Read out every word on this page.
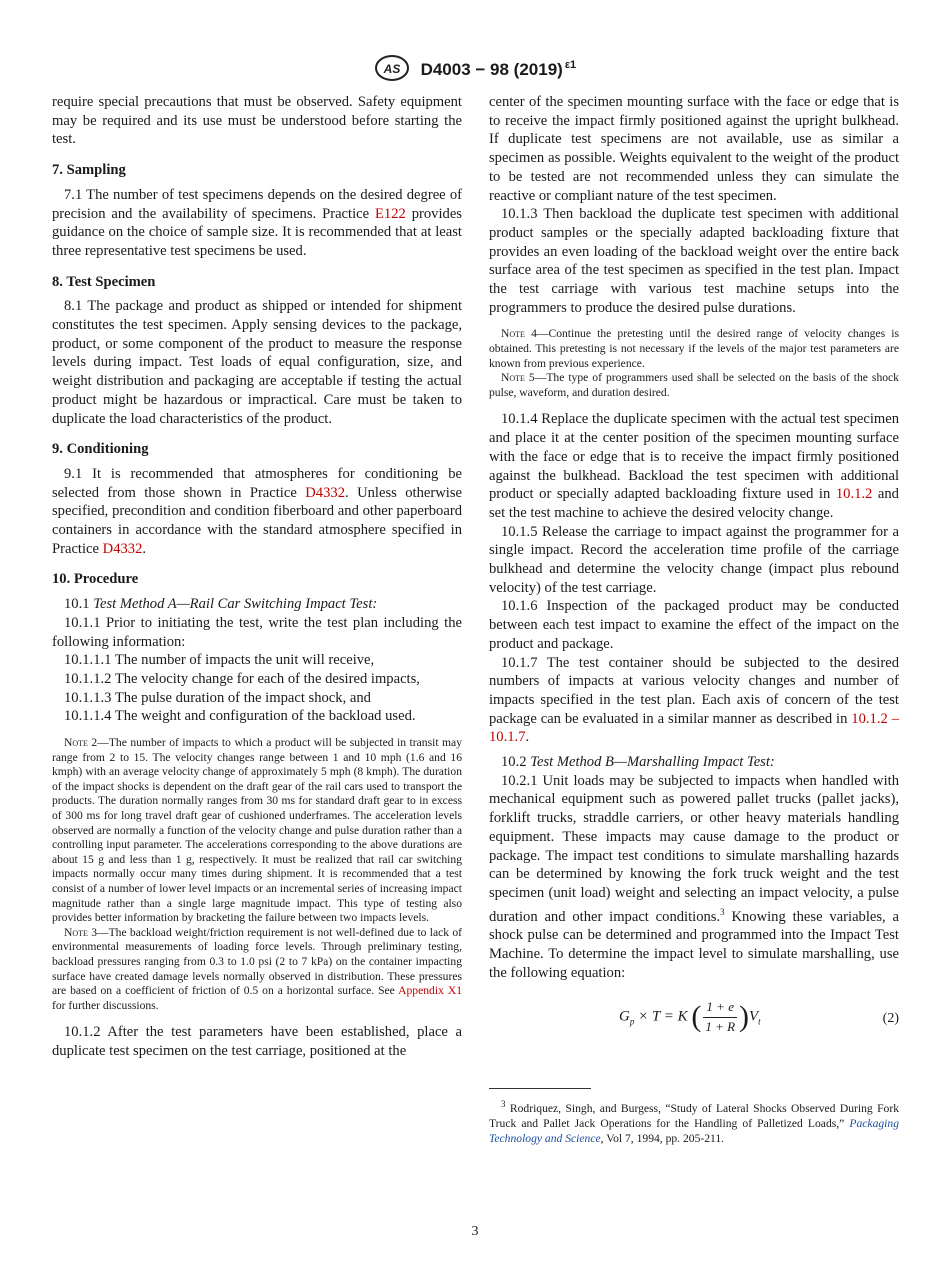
AS D4003 − 98 (2019) $^{\varepsilon 1}$

require special precautions that must be observed. Safety equipment may be required and its use must be understood before starting the test.

7. Sampling

7.1 The number of test specimens depends on the desired degree of precision and the availability of specimens. Practice E122 provides guidance on the choice of sample size. It is recommended that at least three representative test specimens be used.

8. Test Specimen

8.1 The package and product as shipped or intended for shipment constitutes the test specimen. Apply sensing devices to the package, product, or some component of the product to measure the response levels during impact. Test loads of equal configuration, size, and weight distribution and packaging are acceptable if testing the actual product might be hazardous or impractical. Care must be taken to duplicate the load characteristics of the product.

9. Conditioning

9.1 It is recommended that atmospheres for conditioning be selected from those shown in Practice D4332. Unless otherwise specified, precondition and condition fiberboard and other paperboard containers in accordance with the standard atmosphere specified in Practice D4332.

10. Procedure

10.1 Test Method A—Rail Car Switching Impact Test:

10.1.1 Prior to initiating the test, write the test plan including the following information:

10.1.1.1 The number of impacts the unit will receive,

10.1.1.2 The velocity change for each of the desired impacts,

10.1.1.3 The pulse duration of the impact shock, and

10.1.1.4 The weight and configuration of the backload used.

Note 2—The number of impacts to which a product will be subjected in transit may range from 2 to 15. The velocity changes range between 1 and 10 mph (1.6 and 16 kmph) with an average velocity change of approximately 5 mph (8 kmph). The duration of the impact shocks is dependent on the draft gear of the rail cars used to transport the products. The duration normally ranges from 30 ms for standard draft gear to in excess of 300 ms for long travel draft gear of cushioned underframes. The acceleration levels observed are normally a function of the velocity change and pulse duration rather than a controlling input parameter. The accelerations corresponding to the above durations are about 15 g and less than 1 g, respectively. It must be realized that rail car switching impacts normally occur many times during shipment. It is recommended that a test consist of a number of lower level impacts or an incremental series of increasing impact magnitude rather than a single large magnitude impact. This type of testing also provides better information by bracketing the failure between two impacts levels.

Note 3—The backload weight/friction requirement is not well-defined due to lack of environmental measurements of loading force levels. Through preliminary testing, backload pressures ranging from 0.3 to 1.0 psi (2 to 7 kPa) on the container impacting surface have created damage levels normally observed in distribution. These pressures are based on a coefficient of friction of 0.5 on a horizontal surface. See Appendix X1 for further discussions.

10.1.2 After the test parameters have been established, place a duplicate test specimen on the test carriage, positioned at the

center of the specimen mounting surface with the face or edge that is to receive the impact firmly positioned against the upright bulkhead. If duplicate test specimens are not available, use as similar a specimen as possible. Weights equivalent to the weight of the product to be tested are not recommended unless they can simulate the reactive or compliant nature of the test specimen.

10.1.3 Then backload the duplicate test specimen with additional product samples or the specially adapted backloading fixture that provides an even loading of the backload weight over the entire back surface area of the test specimen as specified in the test plan. Impact the test carriage with various test machine setups into the programmers to produce the desired pulse durations.

Note 4—Continue the pretesting until the desired range of velocity changes is obtained. This pretesting is not necessary if the levels of the major test parameters are known from previous experience.

Note 5—The type of programmers used shall be selected on the basis of the shock pulse, waveform, and duration desired.

10.1.4 Replace the duplicate specimen with the actual test specimen and place it at the center position of the specimen mounting surface with the face or edge that is to receive the impact firmly positioned against the bulkhead. Backload the test specimen with additional product or specially adapted backloading fixture used in 10.1.2 and set the test machine to achieve the desired velocity change.

10.1.5 Release the carriage to impact against the programmer for a single impact. Record the acceleration time profile of the carriage bulkhead and determine the velocity change (impact plus rebound velocity) of the test carriage.

10.1.6 Inspection of the packaged product may be conducted between each test impact to examine the effect of the impact on the product and package.

10.1.7 The test container should be subjected to the desired numbers of impacts at various velocity changes and number of impacts specified in the test plan. Each axis of concern of the test package can be evaluated in a similar manner as described in 10.1.2 – 10.1.7.

10.2 Test Method B—Marshalling Impact Test:

10.2.1 Unit loads may be subjected to impacts when handled with mechanical equipment such as powered pallet trucks (pallet jacks), forklift trucks, straddle carriers, or other heavy materials handling equipment. These impacts may cause damage to the product or package. The impact test conditions to simulate marshalling hazards can be determined by knowing the fork truck weight and the test specimen (unit load) weight and selecting an impact velocity, a pulse duration and other impact conditions.$^3$ Knowing these variables, a shock pulse can be determined and programmed into the Impact Test Machine. To determine the impact level to simulate marshalling, use the following equation:

$G_p \times T = K$ ( $\frac{1 + e}{1 + R} )V_t$	(2)

$^3$ Rodriquez, Singh, and Burgess, “Study of Lateral Shocks Observed During Fork Truck and Pallet Jack Operations for the Handling of Palletized Loads,” Packaging Technology and Science, Vol 7, 1994, pp. 205-211.

3
